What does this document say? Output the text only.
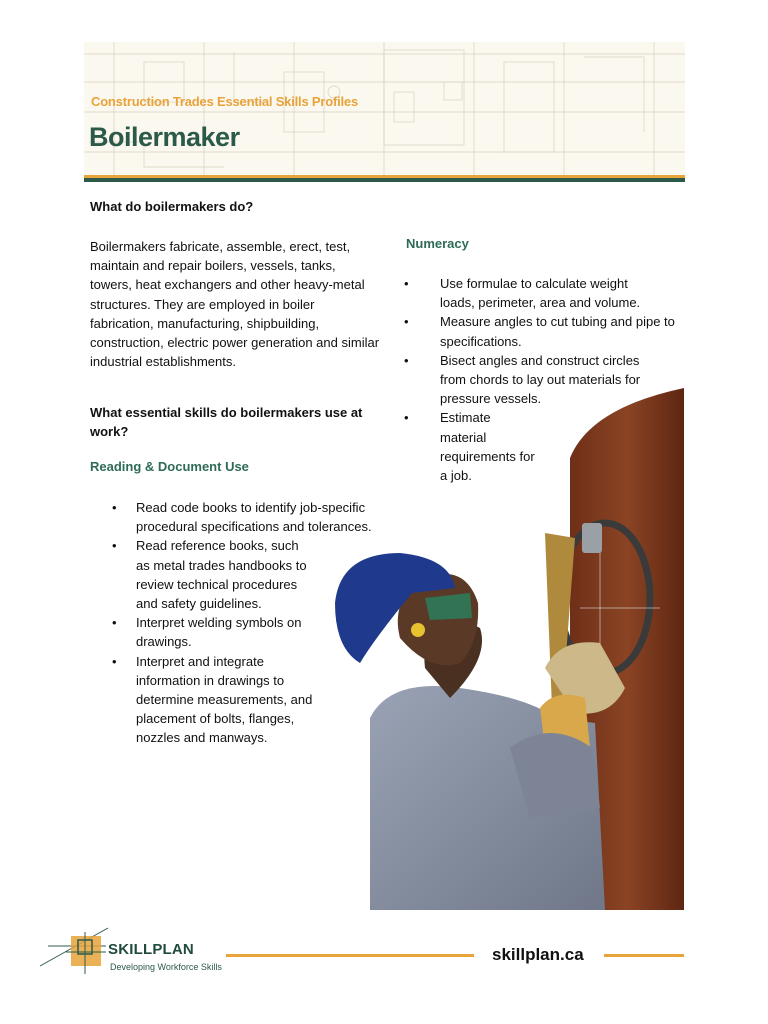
Construction Trades Essential Skills Profiles
Boilermaker
What do boilermakers do?
Boilermakers fabricate, assemble, erect, test, maintain and repair boilers, vessels, tanks, towers, heat exchangers and other heavy-metal structures. They are employed in boiler fabrication, manufacturing, shipbuilding, construction, electric power generation and similar industrial establishments.
What essential skills do boilermakers use at work?
Reading & Document Use
• Read code books to identify job-specific procedural specifications and tolerances.
• Read reference books, such as metal trades handbooks to review technical procedures and safety guidelines.
• Interpret welding symbols on drawings.
• Interpret and integrate information in drawings to determine measurements, and placement of bolts, flanges, nozzles and manways.
Numeracy
• Use formulae to calculate weight loads, perimeter, area and volume.
• Measure angles to cut tubing and pipe to specifications.
• Bisect angles and construct circles from chords to lay out materials for pressure vessels.
• Estimate material requirements for a job.
SKILLPLAN
Developing Workforce Skills
skillplan.ca
